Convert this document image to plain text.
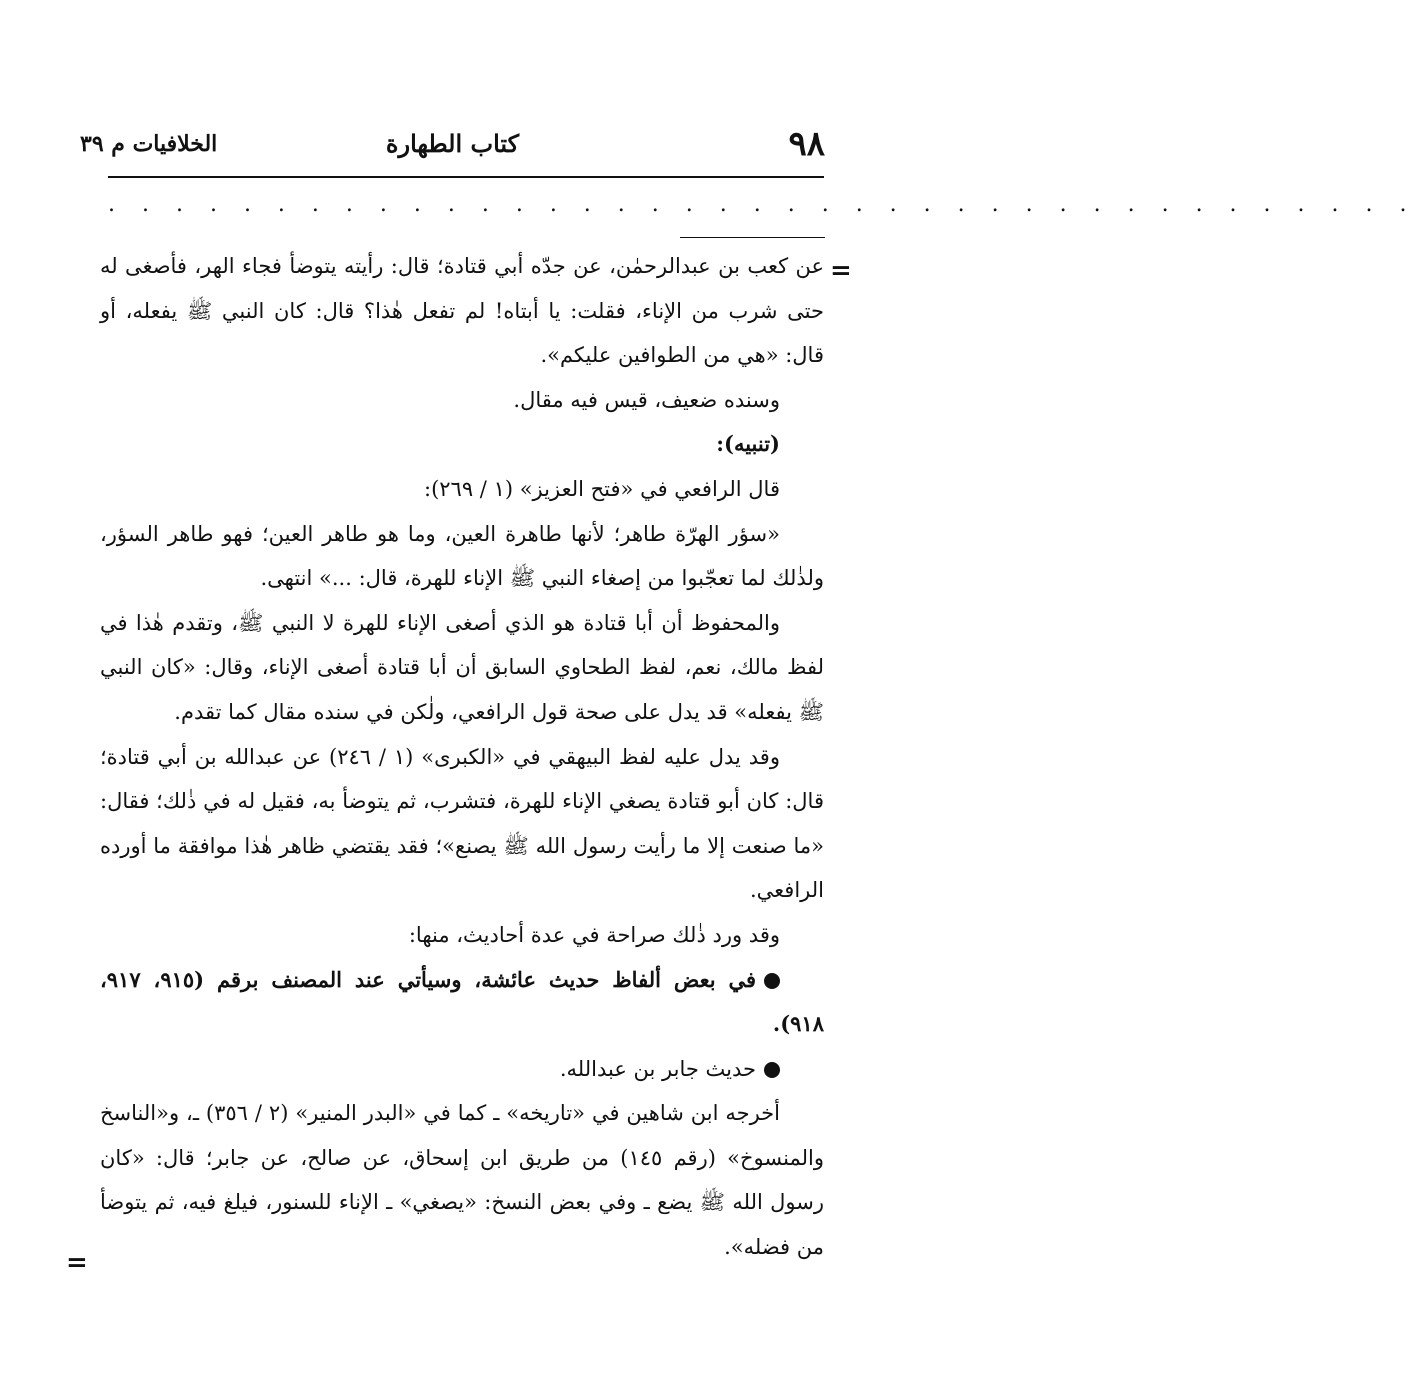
٩٨
كتاب الطهارة
الخلافيات م ٣٩
. . . . . . . . . . . . . . . . . . . . . . . . . . . . . . . . . . . . . . .
=

عن كعب بن عبدالرحمٰن، عن جدّه أبي قتادة؛ قال: رأيته يتوضأ فجاء الهر، فأصغى له حتى شرب من الإناء، فقلت: يا أبتاه! لم تفعل هٰذا؟ قال: كان النبي ﷺ يفعله، أو قال: «هي من الطوافين عليكم».

وسنده ضعيف، قيس فيه مقال.

(تنبيه):

قال الرافعي في «فتح العزيز» (١ / ٢٦٩):

«سؤر الهرّة طاهر؛ لأنها طاهرة العين، وما هو طاهر العين؛ فهو طاهر السؤر، ولذٰلك لما تعجّبوا من إصغاء النبي ﷺ الإناء للهرة، قال: ...» انتهى.

والمحفوظ أن أبا قتادة هو الذي أصغى الإناء للهرة لا النبي ﷺ، وتقدم هٰذا في لفظ مالك، نعم، لفظ الطحاوي السابق أن أبا قتادة أصغى الإناء، وقال: «كان النبي ﷺ يفعله» قد يدل على صحة قول الرافعي، ولٰكن في سنده مقال كما تقدم.

وقد يدل عليه لفظ البيهقي في «الكبرى» (١ / ٢٤٦) عن عبدالله بن أبي قتادة؛ قال: كان أبو قتادة يصغي الإناء للهرة، فتشرب، ثم يتوضأ به، فقيل له في ذٰلك؛ فقال: «ما صنعت إلا ما رأيت رسول الله ﷺ يصنع»؛ فقد يقتضي ظاهر هٰذا موافقة ما أورده الرافعي.

وقد ورد ذٰلك صراحة في عدة أحاديث، منها:

في بعض ألفاظ حديث عائشة، وسيأتي عند المصنف برقم (٩١٥، ٩١٧، ٩١٨).

حديث جابر بن عبدالله.

أخرجه ابن شاهين في «تاريخه» ـ كما في «البدر المنير» (٢ / ٣٥٦) ـ، و«الناسخ والمنسوخ» (رقم ١٤٥) من طريق ابن إسحاق، عن صالح، عن جابر؛ قال: «كان رسول الله ﷺ يضع ـ وفي بعض النسخ: «يصغي» ـ الإناء للسنور، فيلغ فيه، ثم يتوضأ من فضله».

=
